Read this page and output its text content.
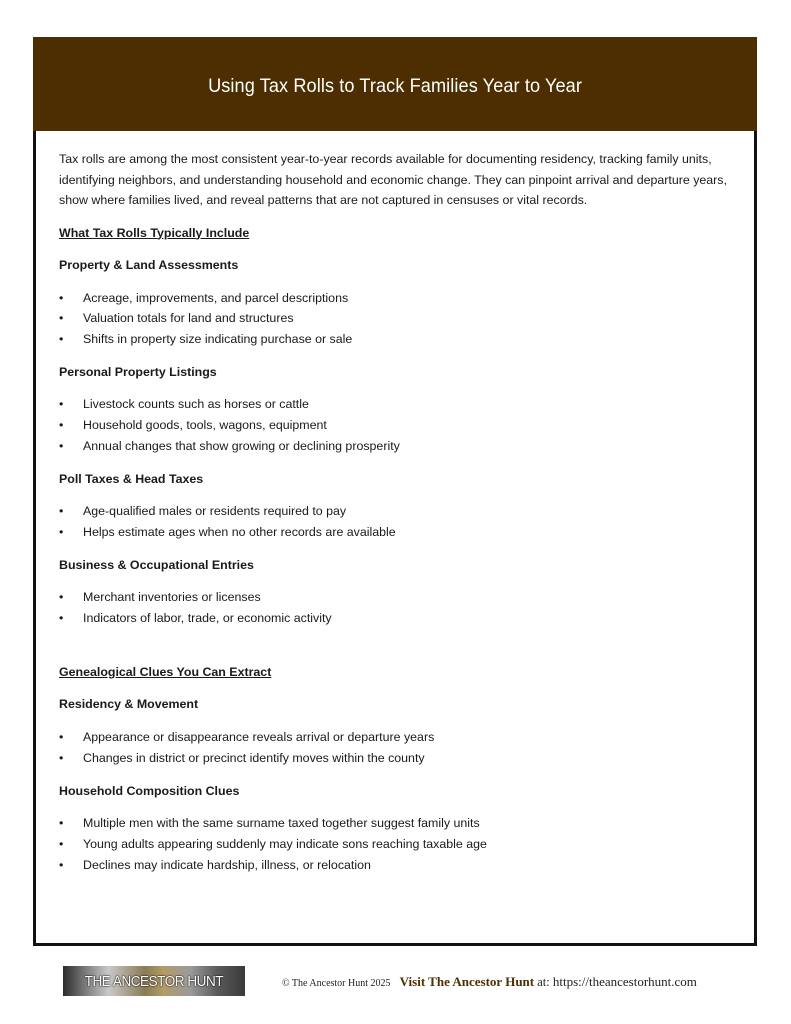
Using Tax Rolls to Track Families Year to Year

Tax rolls are among the most consistent year-to-year records available for documenting residency, tracking family units, identifying neighbors, and understanding household and economic change. They can pinpoint arrival and departure years, show where families lived, and reveal patterns that are not captured in censuses or vital records.

What Tax Rolls Typically Include
Property & Land Assessments
•	Acreage, improvements, and parcel descriptions
•	Valuation totals for land and structures
•	Shifts in property size indicating purchase or sale
Personal Property Listings
•	Livestock counts such as horses or cattle
•	Household goods, tools, wagons, equipment
•	Annual changes that show growing or declining prosperity
Poll Taxes & Head Taxes
•	Age-qualified males or residents required to pay
•	Helps estimate ages when no other records are available
Business & Occupational Entries
•	Merchant inventories or licenses
•	Indicators of labor, trade, or economic activity
Genealogical Clues You Can Extract
Residency & Movement
•	Appearance or disappearance reveals arrival or departure years
•	Changes in district or precinct identify moves within the county
Household Composition Clues
•	Multiple men with the same surname taxed together suggest family units
•	Young adults appearing suddenly may indicate sons reaching taxable age
•	Declines may indicate hardship, illness, or relocation
THE ANCESTOR HUNT	© The Ancestor Hunt 2025 Visit The Ancestor Hunt at: https://theancestorhunt.com
